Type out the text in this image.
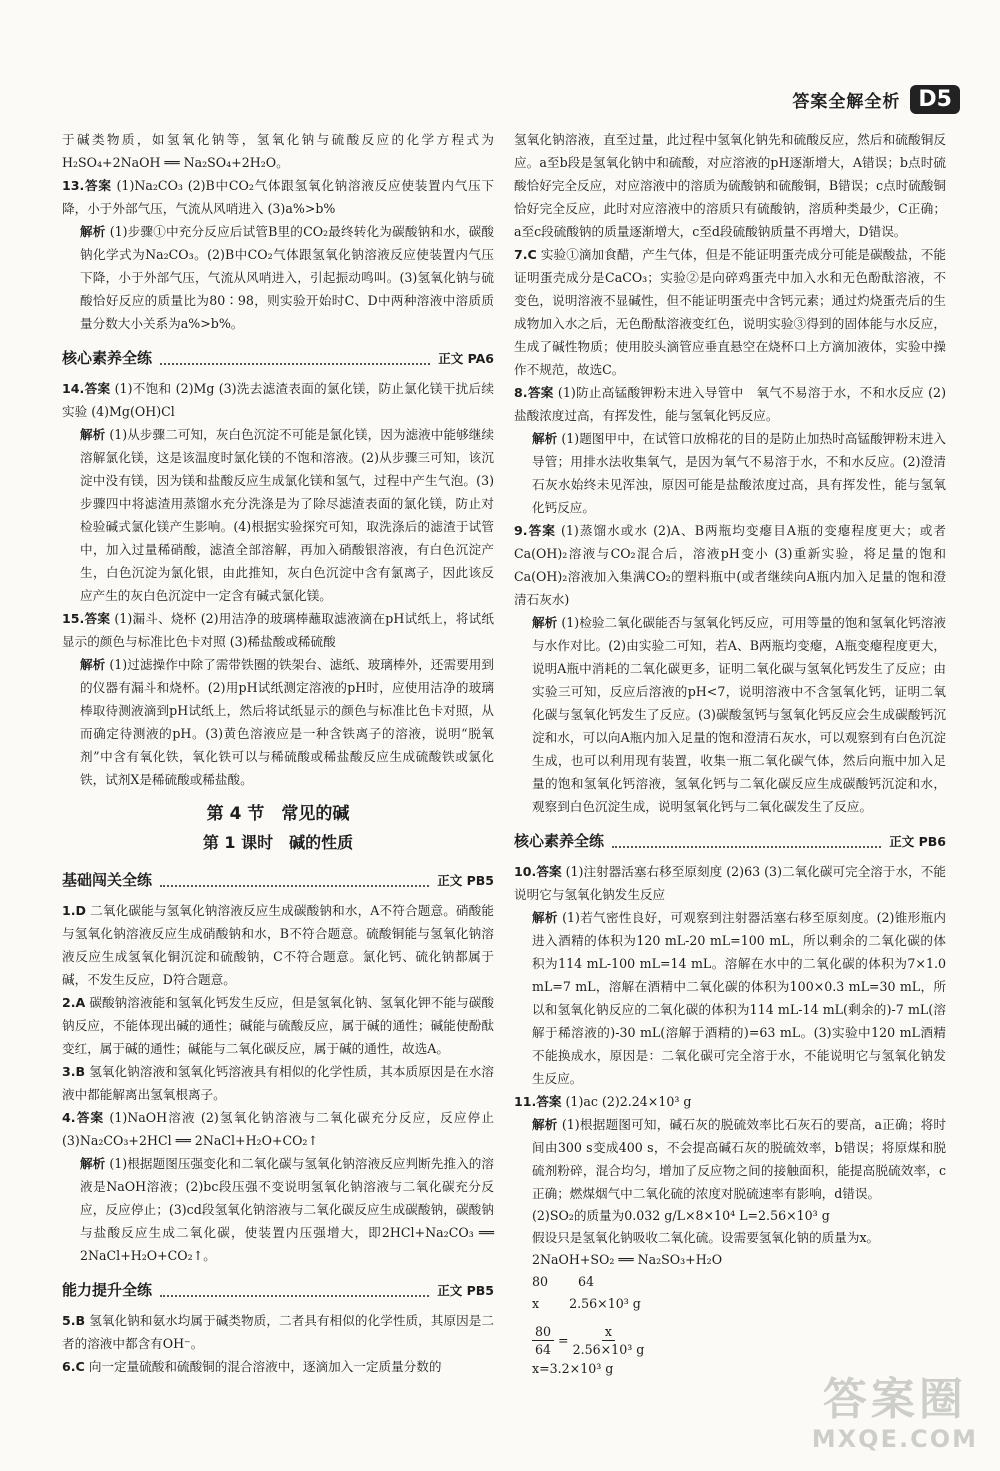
答案全解全析 D5

于碱类物质，如氢氧化钠等，氢氧化钠与硫酸反应的化学方程式为 H₂SO₄+2NaOH ══ Na₂SO₄+2H₂O。

13.答案 (1)Na₂CO₃ (2)B中CO₂气体跟氢氧化钠溶液反应使装置内气压下降，小于外部气压，气流从风哨进入 (3)a%>b%
解析 (1)步骤①中充分反应后试管B里的CO₂最终转化为碳酸钠和水，碳酸钠化学式为Na₂CO₃。(2)B中CO₂气体跟氢氧化钠溶液反应使装置内气压下降，小于外部气压，气流从风哨进入，引起振动鸣叫。(3)氢氧化钠与硫酸恰好反应的质量比为80∶98，则实验开始时C、D中两种溶液中溶质质量分数大小关系为a%>b%。
核心素养全练	正文 PA6
14.答案 (1)不饱和 (2)Mg (3)洗去滤渣表面的氯化镁，防止氯化镁干扰后续实验 (4)Mg(OH)Cl
解析 (1)从步骤二可知，灰白色沉淀不可能是氯化镁，因为滤液中能够继续溶解氯化镁，这是该温度时氯化镁的不饱和溶液。(2)从步骤三可知，该沉淀中没有镁，因为镁和盐酸反应生成氯化镁和氢气，过程中产生气泡。(3)步骤四中将滤渣用蒸馏水充分洗涤是为了除尽滤渣表面的氯化镁，防止对检验碱式氯化镁产生影响。(4)根据实验探究可知，取洗涤后的滤渣于试管中，加入过量稀硝酸，滤渣全部溶解，再加入硝酸银溶液，有白色沉淀产生，白色沉淀为氯化银，由此推知，灰白色沉淀中含有氯离子，因此该反应产生的灰白色沉淀中一定含有碱式氯化镁。
15.答案 (1)漏斗、烧杯 (2)用洁净的玻璃棒蘸取滤液滴在pH试纸上，将试纸显示的颜色与标准比色卡对照 (3)稀盐酸或稀硫酸
解析 (1)过滤操作中除了需带铁圈的铁架台、滤纸、玻璃棒外，还需要用到的仪器有漏斗和烧杯。(2)用pH试纸测定溶液的pH时，应使用洁净的玻璃棒取待测液滴到pH试纸上，然后将试纸显示的颜色与标准比色卡对照，从而确定待测液的pH。(3)黄色溶液应是一种含铁离子的溶液，说明“脱氧剂”中含有氧化铁，氧化铁可以与稀硫酸或稀盐酸反应生成硫酸铁或氯化铁，试剂X是稀硫酸或稀盐酸。
第 4 节　常见的碱
第 1 课时　碱的性质
基础闯关全练	正文 PB5
1.D 二氧化碳能与氢氧化钠溶液反应生成碳酸钠和水，A不符合题意。硝酸能与氢氧化钠溶液反应生成硝酸钠和水，B不符合题意。硫酸铜能与氢氧化钠溶液反应生成氢氧化铜沉淀和硫酸钠，C不符合题意。氯化钙、硫化钠都属于碱，不发生反应，D符合题意。
2.A 碳酸钠溶液能和氢氧化钙发生反应，但是氢氧化钠、氢氧化钾不能与碳酸钠反应，不能体现出碱的通性；碱能与硫酸反应，属于碱的通性；碱能使酚酞变红，属于碱的通性；碱能与二氧化碳反应，属于碱的通性，故选A。
3.B 氢氧化钠溶液和氢氧化钙溶液具有相似的化学性质，其本质原因是在水溶液中都能解离出氢氧根离子。
4.答案 (1)NaOH溶液 (2)氢氧化钠溶液与二氧化碳充分反应，反应停止 (3)Na₂CO₃+2HCl ══ 2NaCl+H₂O+CO₂↑
解析 (1)根据题图压强变化和二氧化碳与氢氧化钠溶液反应判断先推入的溶液是NaOH溶液；(2)bc段压强不变说明氢氧化钠溶液与二氧化碳充分反应，反应停止；(3)cd段氢氧化钠溶液与二氧化碳反应生成碳酸钠，碳酸钠与盐酸反应生成二氧化碳，使装置内压强增大，即2HCl+Na₂CO₃ ══ 2NaCl+H₂O+CO₂↑。
能力提升全练	正文 PB5
5.B 氢氧化钠和氨水均属于碱类物质，二者具有相似的化学性质，其原因是二者的溶液中都含有OH⁻。
6.C 向一定量硫酸和硫酸铜的混合溶液中，逐滴加入一定质量分数的

氢氧化钠溶液，直至过量，此过程中氢氧化钠先和硫酸反应，然后和硫酸铜反应。a至b段是氢氧化钠中和硫酸，对应溶液的pH逐渐增大，A错误；b点时硫酸恰好完全反应，对应溶液中的溶质为硫酸钠和硫酸铜，B错误；c点时硫酸铜恰好完全反应，此时对应溶液中的溶质只有硫酸钠，溶质种类最少，C正确；a至c段硫酸钠的质量逐渐增大，c至d段硫酸钠质量不再增大，D错误。

7.C 实验①滴加食醋，产生气体，但是不能证明蛋壳成分可能是碳酸盐，不能证明蛋壳成分是CaCO₃；实验②是向碎鸡蛋壳中加入水和无色酚酞溶液，不变色，说明溶液不显碱性，但不能证明蛋壳中含钙元素；通过灼烧蛋壳后的生成物加入水之后，无色酚酞溶液变红色，说明实验③得到的固体能与水反应，生成了碱性物质；使用胶头滴管应垂直悬空在烧杯口上方滴加液体，实验中操作不规范，故选C。
8.答案 (1)防止高锰酸钾粉末进入导管中　氧气不易溶于水，不和水反应 (2)盐酸浓度过高，有挥发性，能与氢氧化钙反应。
解析 (1)题图甲中，在试管口放棉花的目的是防止加热时高锰酸钾粉末进入导管；用排水法收集氧气，是因为氧气不易溶于水，不和水反应。(2)澄清石灰水始终未见浑浊，原因可能是盐酸浓度过高，具有挥发性，能与氢氧化钙反应。
9.答案 (1)蒸馏水或水 (2)A、B两瓶均变瘪目A瓶的变瘪程度更大；或者Ca(OH)₂溶液与CO₂混合后，溶液pH变小 (3)重新实验，将足量的饱和Ca(OH)₂溶液加入集满CO₂的塑料瓶中(或者继续向A瓶内加入足量的饱和澄清石灰水)
解析 (1)检验二氧化碳能否与氢氧化钙反应，可用等量的饱和氢氧化钙溶液与水作对比。(2)由实验二可知，若A、B两瓶均变瘪，A瓶变瘪程度更大，说明A瓶中消耗的二氧化碳更多，证明二氧化碳与氢氧化钙发生了反应；由实验三可知，反应后溶液的pH<7，说明溶液中不含氢氧化钙，证明二氧化碳与氢氧化钙发生了反应。(3)碳酸氢钙与氢氧化钙反应会生成碳酸钙沉淀和水，可以向A瓶内加入足量的饱和澄清石灰水，可以观察到有白色沉淀生成，也可以利用现有装置，收集一瓶二氧化碳气体，然后向瓶中加入足量的饱和氢氧化钙溶液，氢氧化钙与二氧化碳反应生成碳酸钙沉淀和水，观察到白色沉淀生成，说明氢氧化钙与二氧化碳发生了反应。
核心素养全练	正文 PB6
10.答案 (1)注射器活塞右移至原刻度 (2)63 (3)二氧化碳可完全溶于水，不能说明它与氢氧化钠发生反应
解析 (1)若气密性良好，可观察到注射器活塞右移至原刻度。(2)锥形瓶内进入酒精的体积为120 mL-20 mL=100 mL，所以剩余的二氧化碳的体积为114 mL-100 mL=14 mL。溶解在水中的二氧化碳的体积为7×1.0 mL=7 mL，溶解在酒精中二氧化碳的体积为100×0.3 mL=30 mL，所以和氢氧化钠反应的二氧化碳的体积为114 mL-14 mL(剩余的)-7 mL(溶解于稀溶液的)-30 mL(溶解于酒精的)=63 mL。(3)实验中120 mL酒精不能换成水，原因是：二氧化碳可完全溶于水，不能说明它与氢氧化钠发生反应。
11.答案 (1)ac (2)2.24×10³ g
解析 (1)根据题图可知，碱石灰的脱硫效率比石灰石的要高，a正确；将时间由300 s变成400 s，不会提高碱石灰的脱硫效率，b错误；将原煤和脱硫剂粉碎，混合均匀，增加了反应物之间的接触面积，能提高脱硫效率，c正确；燃煤烟气中二氧化硫的浓度对脱硫速率有影响，d错误。
(2)SO₂的质量为0.032 g/L×8×10⁴ L=2.56×10³ g
假设只是氢氧化钠吸收二氧化硫。设需要氢氧化钠的质量为x。
2NaOH+SO₂ ══ Na₂SO₃+H₂O
80 64
x 2.56×10³ g
$\frac{80}{64} = \frac{x}{\text{2.56×10³ g}}$
x=3.2×10³ g
答案圈
MXQE.COM
